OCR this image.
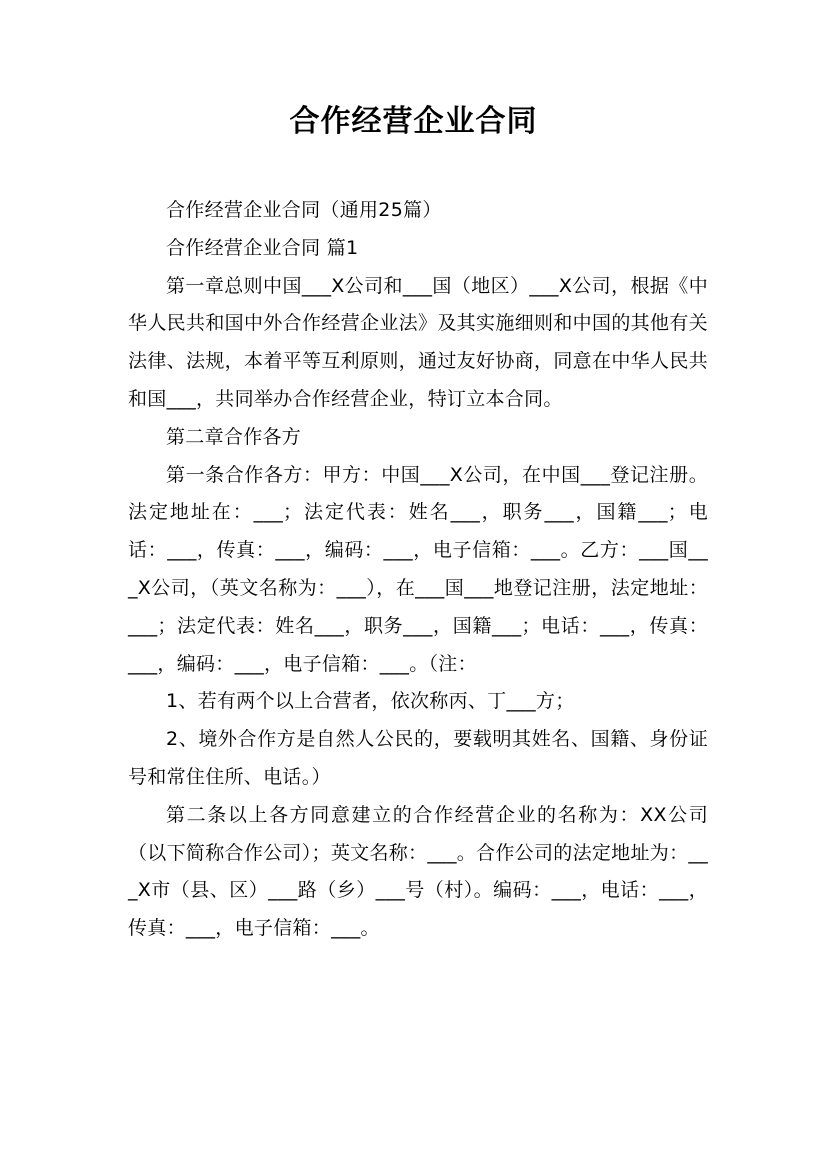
合作经营企业合同

合作经营企业合同（通用25篇）

合作经营企业合同 篇1

第一章总则中国___X公司和___国（地区）___X公司，根据《中华人民共和国中外合作经营企业法》及其实施细则和中国的其他有关法律、法规，本着平等互利原则，通过友好协商，同意在中华人民共和国___，共同举办合作经营企业，特订立本合同。

第二章合作各方

第一条合作各方：甲方：中国___X公司，在中国___登记注册。法定地址在：___；法定代表：姓名___，职务___，国籍___；电话：___，传真：___，编码：___，电子信箱：___。乙方：___国___X公司，（英文名称为：___），在___国___地登记注册，法定地址：___；法定代表：姓名___，职务___，国籍___；电话：___，传真：___，编码：___，电子信箱：___。（注：

1、若有两个以上合营者，依次称丙、丁___方；

2、境外合作方是自然人公民的，要载明其姓名、国籍、身份证号和常住住所、电话。）

第二条以上各方同意建立的合作经营企业的名称为：XX公司（以下简称合作公司）；英文名称：___。合作公司的法定地址为：___X市（县、区）___路（乡）___号（村）。编码：___，电话：___，传真：___，电子信箱：___。
